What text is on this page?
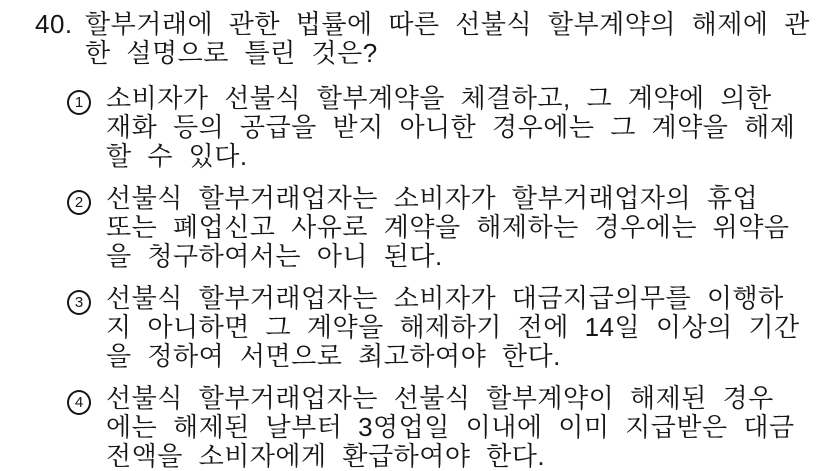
40. 할부거래에 관한 법률에 따른 선불식 할부계약의 해제에 관
한 설명으로 틀린 것은?
1 소비자가 선불식 할부계약을 체결하고, 그 계약에 의한
재화 등의 공급을 받지 아니한 경우에는 그 계약을 해제
할 수 있다.
2 선불식 할부거래업자는 소비자가 할부거래업자의 휴업
또는 폐업신고 사유로 계약을 해제하는 경우에는 위약음
을 청구하여서는 아니 된다.
3 선불식 할부거래업자는 소비자가 대금지급의무를 이행하
지 아니하면 그 계약을 해제하기 전에 14일 이상의 기간
을 정하여 서면으로 최고하여야 한다.
4 선불식 할부거래업자는 선불식 할부계약이 해제된 경우
에는 해제된 날부터 3영업일 이내에 이미 지급받은 대금
전액을 소비자에게 환급하여야 한다.
